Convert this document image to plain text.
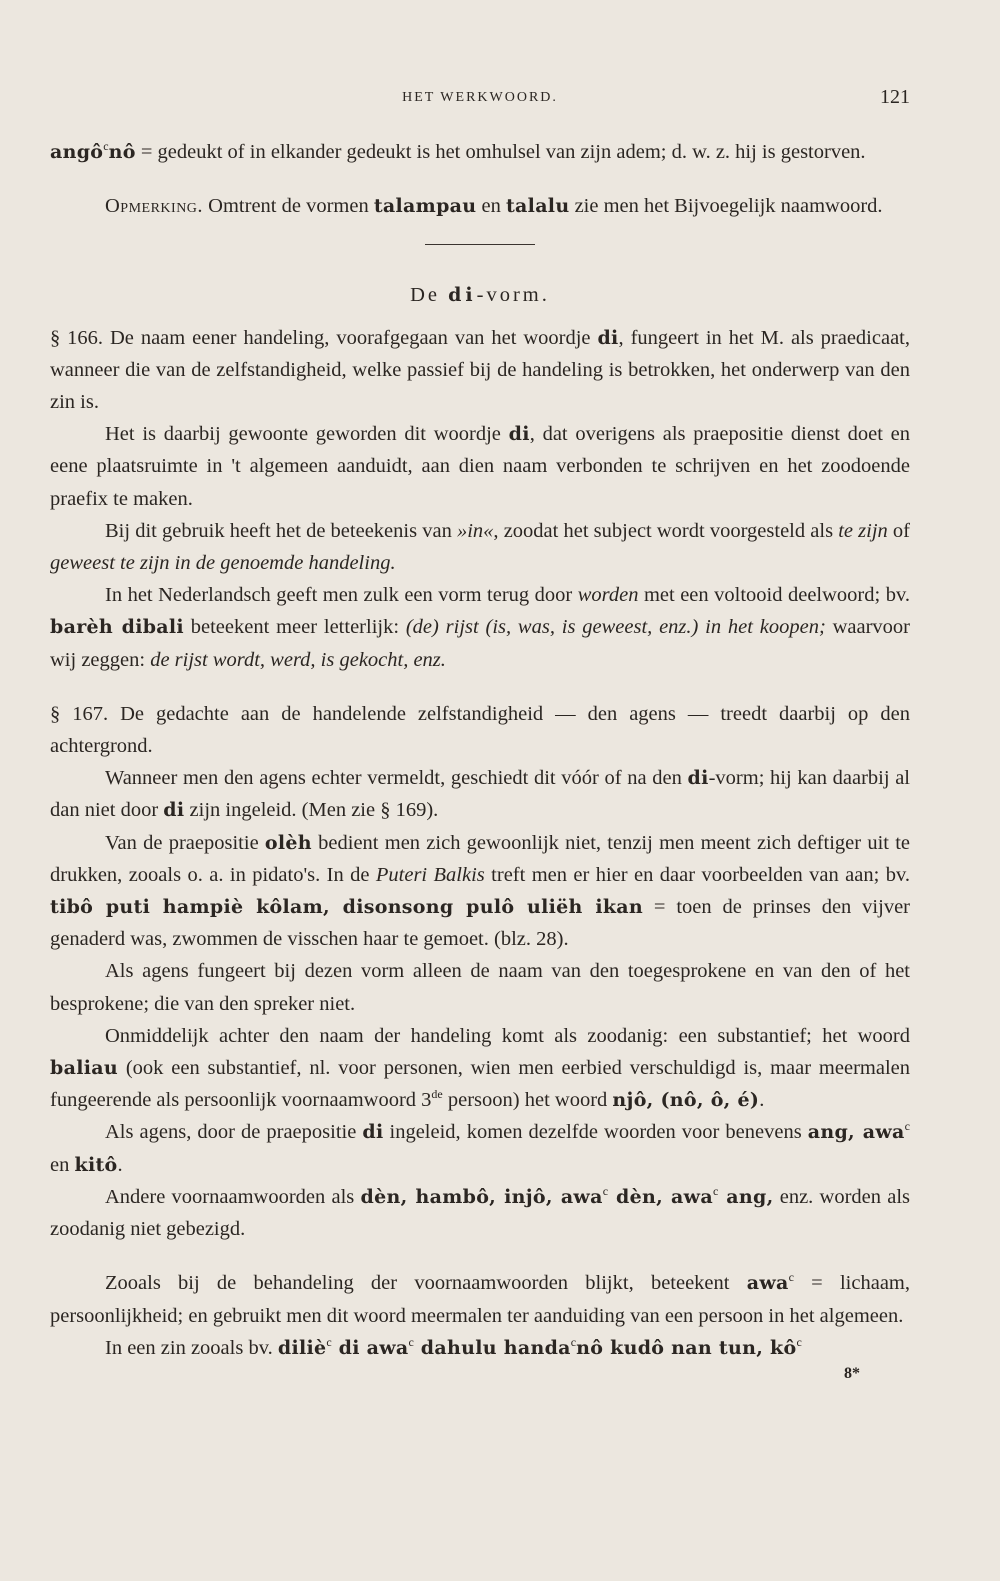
HET WERKWOORD.	121

angô$^c$nô = gedeukt of in elkander gedeukt is het omhulsel van zijn adem; d. w. z. hij is gestorven.

Opmerking. Omtrent de vormen talampau en talalu zie men het Bijvoegelijk naamwoord.

De di-vorm.

§ 166. De naam eener handeling, voorafgegaan van het woordje di, fungeert in het M. als praedicaat, wanneer die van de zelfstandigheid, welke passief bij de handeling is betrokken, het onderwerp van den zin is.

Het is daarbij gewoonte geworden dit woordje di, dat overigens als praepositie dienst doet en eene plaatsruimte in 't algemeen aanduidt, aan dien naam verbonden te schrijven en het zoodoende praefix te maken.

Bij dit gebruik heeft het de beteekenis van »in«, zoodat het subject wordt voorgesteld als te zijn of geweest te zijn in de genoemde handeling.

In het Nederlandsch geeft men zulk een vorm terug door worden met een voltooid deelwoord; bv. barèh dibali beteekent meer letterlijk: (de) rijst (is, was, is geweest, enz.) in het koopen; waarvoor wij zeggen: de rijst wordt, werd, is gekocht, enz.

§ 167. De gedachte aan de handelende zelfstandigheid — den agens — treedt daarbij op den achtergrond.

Wanneer men den agens echter vermeldt, geschiedt dit vóór of na den di-vorm; hij kan daarbij al dan niet door di zijn ingeleid. (Men zie § 169).

Van de praepositie olèh bedient men zich gewoonlijk niet, tenzij men meent zich deftiger uit te drukken, zooals o. a. in pidato's. In de Puteri Balkis treft men er hier en daar voorbeelden van aan; bv. tibô puti hampiè kôlam, disonsong pulô uliëh ikan = toen de prinses den vijver genaderd was, zwommen de visschen haar te gemoet. (blz. 28).

Als agens fungeert bij dezen vorm alleen de naam van den toegesprokene en van den of het besprokene; die van den spreker niet.

Onmiddelijk achter den naam der handeling komt als zoodanig: een substantief; het woord baliau (ook een substantief, nl. voor personen, wien men eerbied verschuldigd is, maar meermalen fungeerende als persoonlijk voornaamwoord 3de persoon) het woord njô, (nô, ô, é).

Als agens, door de praepositie di ingeleid, komen dezelfde woorden voor benevens ang, awa$^c$ en kitô.

Andere voornaamwoorden als dèn, hambô, injô, awa$^c$ dèn, awa$^c$ ang, enz. worden als zoodanig niet gebezigd.

Zooals bij de behandeling der voornaamwoorden blijkt, beteekent awa$^c$ = lichaam, persoonlijkheid; en gebruikt men dit woord meermalen ter aanduiding van een persoon in het algemeen.

In een zin zooals bv. diliè$^c$ di awa$^c$ dahulu handa$^c$nô kudô nan tun, $kô^c$

8*
